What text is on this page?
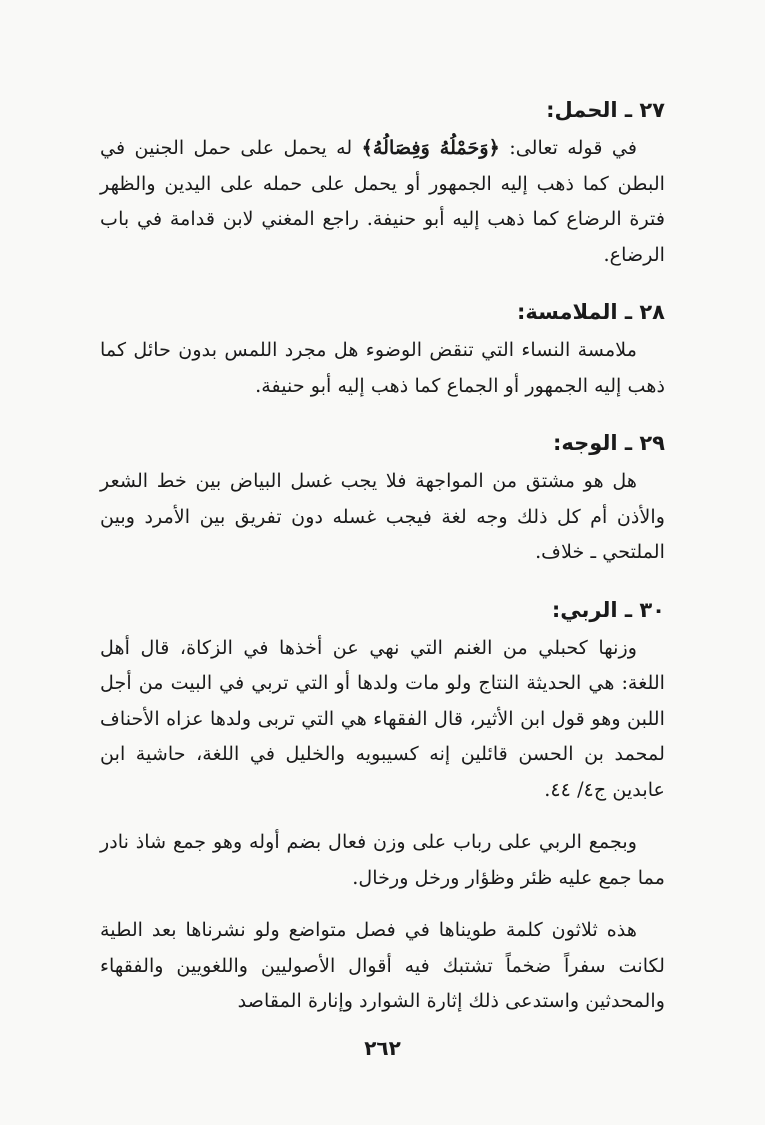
٢٧ ـ الحمل:

في قوله تعالى: ﴿وَحَمْلُهُ وَفِصَالُهُ﴾ له يحمل على حمل الجنين في البطن كما ذهب إليه الجمهور أو يحمل على حمله على اليدين والظهر فترة الرضاع كما ذهب إليه أبو حنيفة. راجع المغني لابن قدامة في باب الرضاع.

٢٨ ـ الملامسة:

ملامسة النساء التي تنقض الوضوء هل مجرد اللمس بدون حائل كما ذهب إليه الجمهور أو الجماع كما ذهب إليه أبو حنيفة.

٢٩ ـ الوجه:

هل هو مشتق من المواجهة فلا يجب غسل البياض بين خط الشعر والأذن أم كل ذلك وجه لغة فيجب غسله دون تفريق بين الأمرد وبين الملتحي ـ خلاف.

٣٠ ـ الربي:

وزنها كحبلي من الغنم التي نهي عن أخذها في الزكاة، قال أهل اللغة: هي الحديثة النتاج ولو مات ولدها أو التي تربي في البيت من أجل اللبن وهو قول ابن الأثير، قال الفقهاء هي التي تربى ولدها عزاه الأحناف لمحمد بن الحسن قائلين إنه كسيبويه والخليل في اللغة، حاشية ابن عابدين ج٤/ ٤٤.

وبجمع الربي على رباب على وزن فعال بضم أوله وهو جمع شاذ نادر مما جمع عليه ظئر وظؤار ورخل ورخال.

هذه ثلاثون كلمة طويناها في فصل متواضع ولو نشرناها بعد الطية لكانت سفراً ضخماً تشتبك فيه أقوال الأصوليين واللغويين والفقهاء والمحدثين واستدعى ذلك إثارة الشوارد وإنارة المقاصد

٢٦٢
